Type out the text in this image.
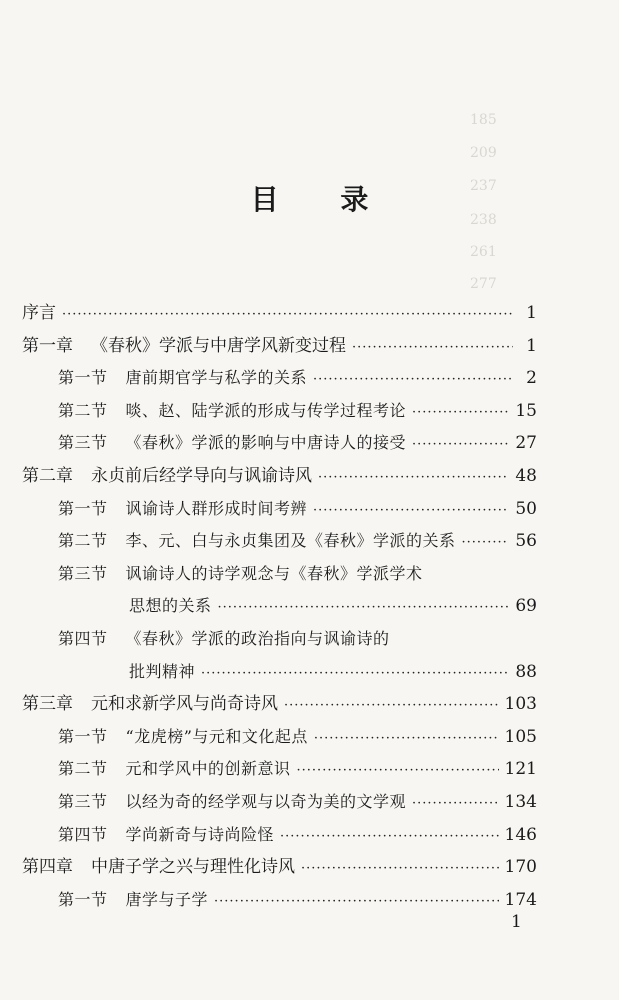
185
209
237
238
261
277
目 录
序言 ·····	1
第一章 《春秋》学派与中唐学风新变过程 ·····	1
第一节 唐前期官学与私学的关系 ·····	2
第二节 啖、赵、陆学派的形成与传学过程考论 ·····	15
第三节 《春秋》学派的影响与中唐诗人的接受 ·····	27
第二章 永贞前后经学导向与讽谕诗风 ·····	48
第一节 讽谕诗人群形成时间考辨 ·····	50
第二节 李、元、白与永贞集团及《春秋》学派的关系 ·····	56
第三节 讽谕诗人的诗学观念与《春秋》学派学术
思想的关系 ·····	69
第四节 《春秋》学派的政治指向与讽谕诗的
批判精神 ·····	88
第三章 元和求新学风与尚奇诗风 ·····	103
第一节 “龙虎榜”与元和文化起点 ·····	105
第二节 元和学风中的创新意识 ·····	121
第三节 以经为奇的经学观与以奇为美的文学观 ·····	134
第四节 学尚新奇与诗尚险怪 ·····	146
第四章 中唐子学之兴与理性化诗风 ·····	170
第一节 唐学与子学 ·····	174
1
